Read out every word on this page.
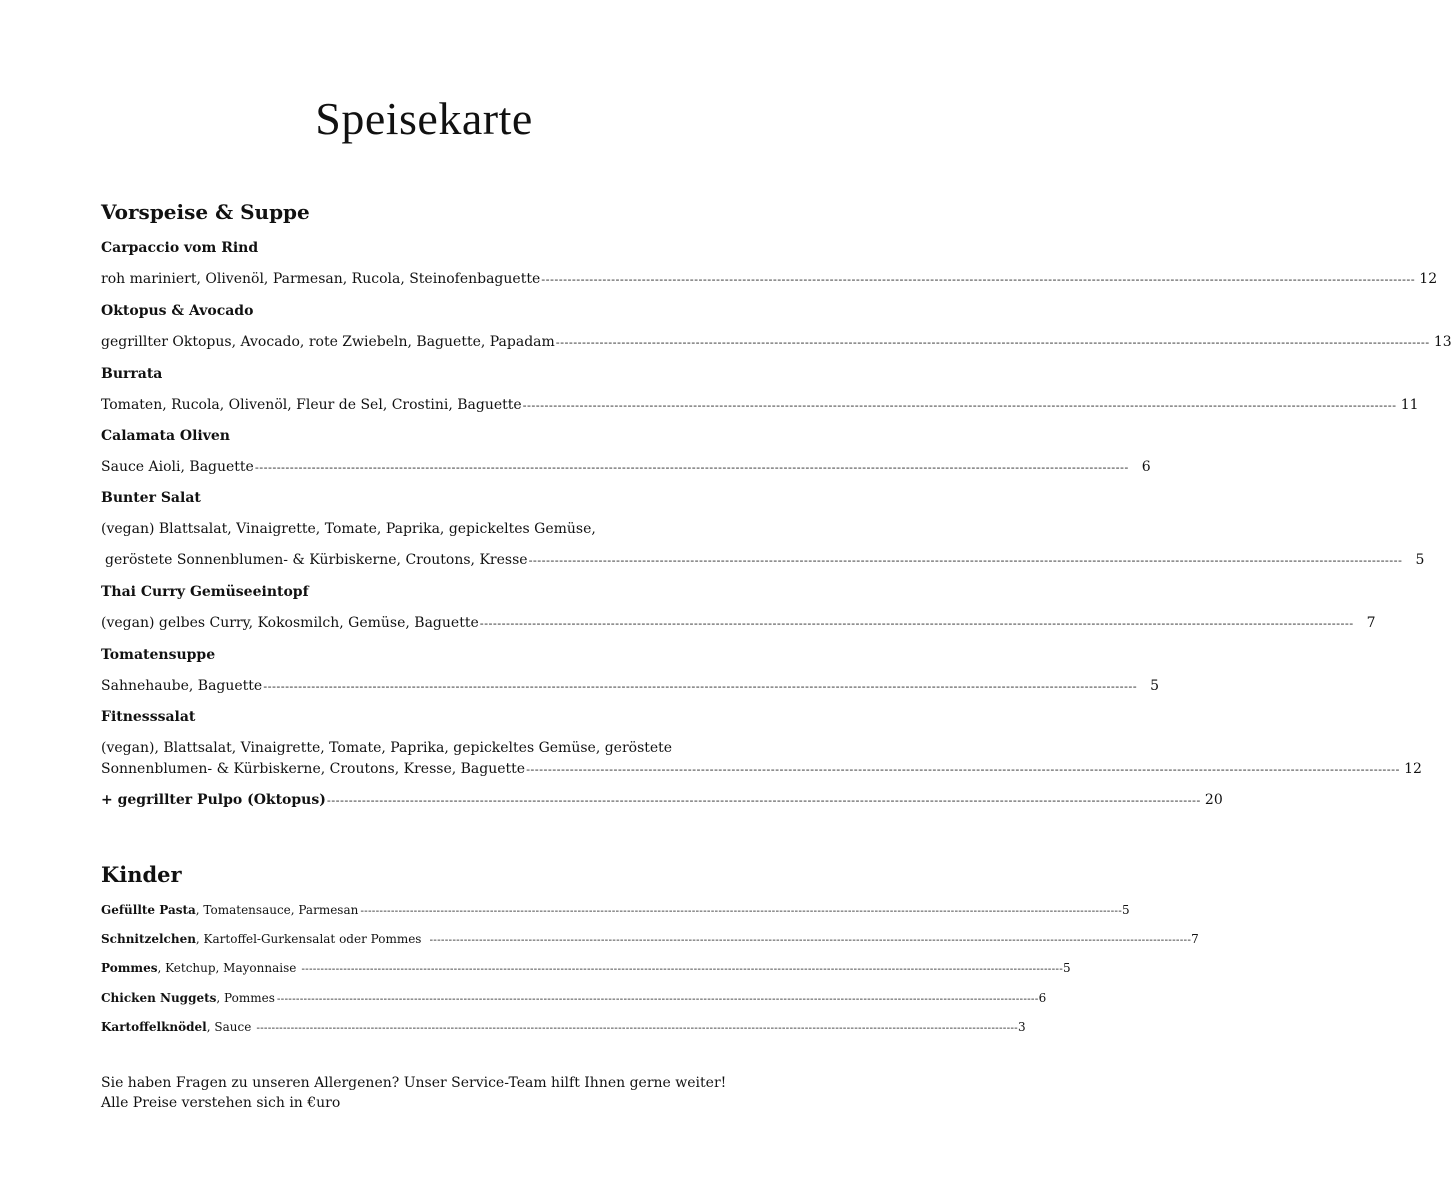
Speisekarte
Vorspeise & Suppe
Carpaccio vom Rind
roh mariniert, Olivenöl, Parmesan, Rucola, Steinofenbaguette -------------------------------------------------------------------------------------------------------------------------------------------------------------------------------------------------------- 12
Oktopus & Avocado
gegrillter Oktopus, Avocado, rote Zwiebeln, Baguette, Papadam -------------------------------------------------------------------------------------------------------------------------------------------------------------------------------------------------------- 13
Burrata
Tomaten, Rucola, Olivenöl, Fleur de Sel, Crostini, Baguette -------------------------------------------------------------------------------------------------------------------------------------------------------------------------------------------------------- 11
Calamata Oliven
Sauce Aioli, Baguette -------------------------------------------------------------------------------------------------------------------------------------------------------------------------------------------------------- 6
Bunter Salat
(vegan) Blattsalat, Vinaigrette, Tomate, Paprika, gepickeltes Gemüse,
geröstete Sonnenblumen- & Kürbiskerne, Croutons, Kresse -------------------------------------------------------------------------------------------------------------------------------------------------------------------------------------------------------- 5
Thai Curry Gemüseeintopf
(vegan) gelbes Curry, Kokosmilch, Gemüse, Baguette -------------------------------------------------------------------------------------------------------------------------------------------------------------------------------------------------------- 7
Tomatensuppe
Sahnehaube, Baguette -------------------------------------------------------------------------------------------------------------------------------------------------------------------------------------------------------- 5
Fitnesssalat
(vegan), Blattsalat, Vinaigrette, Tomate, Paprika, gepickeltes Gemüse, geröstete
Sonnenblumen- & Kürbiskerne, Croutons, Kresse, Baguette -------------------------------------------------------------------------------------------------------------------------------------------------------------------------------------------------------- 12
+ gegrillter Pulpo (Oktopus) -------------------------------------------------------------------------------------------------------------------------------------------------------------------------------------------------------- 20
Kinder
Gefüllte Pasta , Tomatensauce, Parmesan -------------------------------------------------------------------------------------------------------------------------------------------------------------------------------------------------------- 5
Schnitzelchen , Kartoffel-Gurkensalat oder Pommes -------------------------------------------------------------------------------------------------------------------------------------------------------------------------------------------------------- 7
Pommes , Ketchup, Mayonnaise -------------------------------------------------------------------------------------------------------------------------------------------------------------------------------------------------------- 5
Chicken Nuggets , Pommes -------------------------------------------------------------------------------------------------------------------------------------------------------------------------------------------------------- 6
Kartoffelknödel , Sauce -------------------------------------------------------------------------------------------------------------------------------------------------------------------------------------------------------- 3
Sie haben Fragen zu unseren Allergenen? Unser Service-Team hilft Ihnen gerne weiter!
Alle Preise verstehen sich in €uro
